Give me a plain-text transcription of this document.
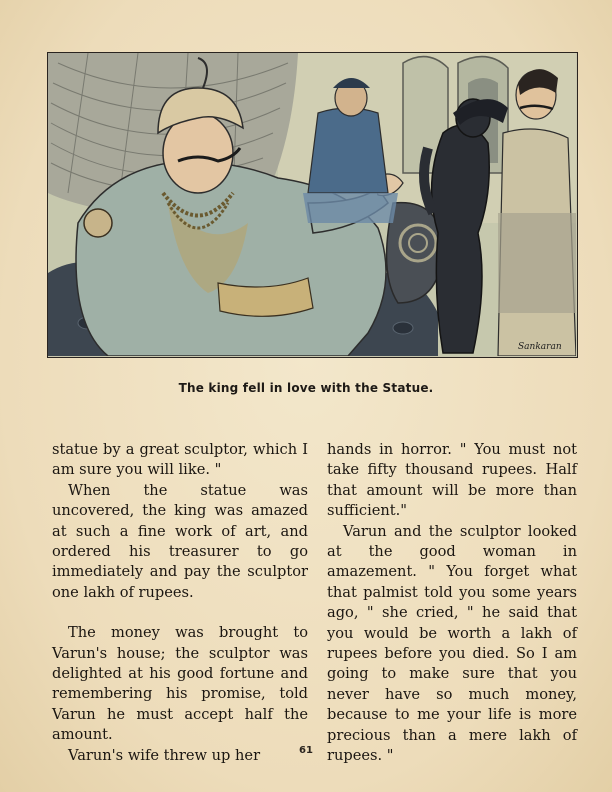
Sankaran
The king fell in love with the Statue.

statue by a great sculptor, which I am sure you will like. "

When the statue was uncovered, the king was amazed at such a fine work of art, and ordered his treasurer to go immediately and pay the sculptor one lakh of rupees.

The money was brought to Varun's house; the sculptor was delighted at his good fortune and remembering his promise, told Varun he must accept half the amount.

Varun's wife threw up her

hands in horror. " You must not take fifty thousand rupees. Half that amount will be more than sufficient."

Varun and the sculptor looked at the good woman in amazement. " You forget what that palmist told you some years ago, " she cried, " he said that you would be worth a lakh of rupees before you died. So I am going to make sure that you never have so much money, because to me your life is more precious than a mere lakh of rupees. "

61
